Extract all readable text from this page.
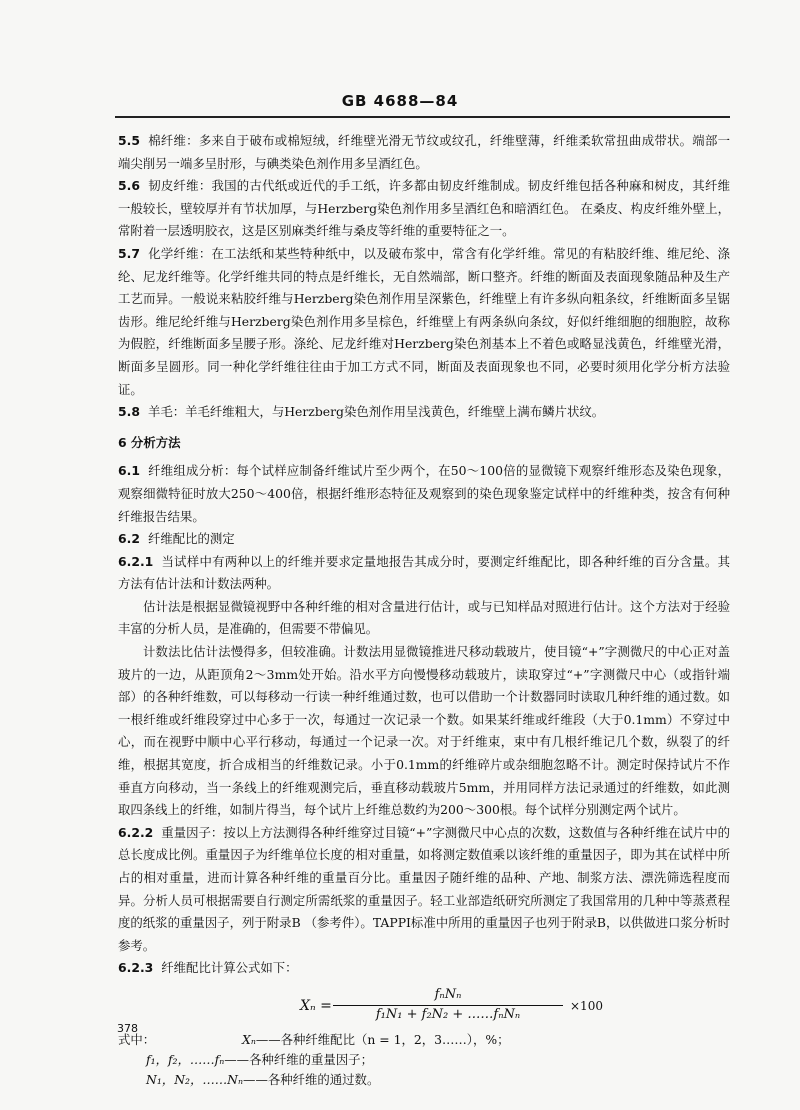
GB 4688—84

5.5 棉纤维：多来自于破布或棉短绒，纤维壁光滑无节纹或纹孔，纤维壁薄，纤维柔软常扭曲成带状。端部一端尖削另一端多呈肘形，与碘类染色剂作用多呈酒红色。

5.6 韧皮纤维：我国的古代纸或近代的手工纸，许多都由韧皮纤维制成。韧皮纤维包括各种麻和树皮，其纤维一般较长，壁较厚并有节状加厚，与Herzberg染色剂作用多呈酒红色和暗酒红色。 在桑皮、构皮纤维外壁上，常附着一层透明胶衣，这是区别麻类纤维与桑皮等纤维的重要特征之一。

5.7 化学纤维：在工法纸和某些特种纸中，以及破布浆中，常含有化学纤维。常见的有粘胶纤维、维尼纶、涤纶、尼龙纤维等。化学纤维共同的特点是纤维长，无自然端部，断口整齐。纤维的断面及表面现象随品种及生产工艺而异。一般说来粘胶纤维与Herzberg染色剂作用呈深紫色，纤维壁上有许多纵向粗条纹，纤维断面多呈锯齿形。维尼纶纤维与Herzberg染色剂作用多呈棕色，纤维壁上有两条纵向条纹，好似纤维细胞的细胞腔，故称为假腔，纤维断面多呈腰子形。涤纶、尼龙纤维对Herzberg染色剂基本上不着色或略显浅黄色，纤维壁光滑，断面多呈圆形。同一种化学纤维往往由于加工方式不同，断面及表面现象也不同，必要时须用化学分析方法验证。

5.8 羊毛：羊毛纤维粗大，与Herzberg染色剂作用呈浅黄色，纤维壁上满布鳞片状纹。

6 分析方法

6.1 纤维组成分析：每个试样应制备纤维试片至少两个，在50～100倍的显微镜下观察纤维形态及染色现象，观察细微特征时放大250～400倍，根据纤维形态特征及观察到的染色现象鉴定试样中的纤维种类，按含有何种纤维报告结果。

6.2 纤维配比的测定

6.2.1 当试样中有两种以上的纤维并要求定量地报告其成分时，要测定纤维配比，即各种纤维的百分含量。其方法有估计法和计数法两种。

估计法是根据显微镜视野中各种纤维的相对含量进行估计，或与已知样品对照进行估计。这个方法对于经验丰富的分析人员，是准确的，但需要不带偏见。

计数法比估计法慢得多，但较准确。计数法用显微镜推进尺移动载玻片，使目镜“+”字测微尺的中心正对盖玻片的一边，从距顶角2～3mm处开始。沿水平方向慢慢移动载玻片，读取穿过“+”字测微尺中心（或指针端部）的各种纤维数，可以每移动一行读一种纤维通过数，也可以借助一个计数器同时读取几种纤维的通过数。如一根纤维或纤维段穿过中心多于一次，每通过一次记录一个数。如果某纤维或纤维段（大于0.1mm）不穿过中心，而在视野中顺中心平行移动，每通过一个记录一次。对于纤维束，束中有几根纤维记几个数，纵裂了的纤维，根据其宽度，折合成相当的纤维数记录。小于0.1mm的纤维碎片或杂细胞忽略不计。测定时保持试片不作垂直方向移动，当一条线上的纤维观测完后，垂直移动载玻片5mm，并用同样方法记录通过的纤维数，如此测取四条线上的纤维，如制片得当，每个试片上纤维总数约为200～300根。每个试样分别测定两个试片。

6.2.2 重量因子：按以上方法测得各种纤维穿过目镜“+”字测微尺中心点的次数，这数值与各种纤维在试片中的总长度成比例。重量因子为纤维单位长度的相对重量，如将测定数值乘以该纤维的重量因子，即为其在试样中所占的相对重量，进而计算各种纤维的重量百分比。重量因子随纤维的品种、产地、制浆方法、漂洗筛选程度而异。分析人员可根据需要自行测定所需纸浆的重量因子。轻工业部造纸研究所测定了我国常用的几种中等蒸煮程度的纸浆的重量因子，列于附录B （参考件）。TAPPI标准中所用的重量因子也列于附录B，以供做进口浆分析时参考。

6.2.3 纤维配比计算公式如下：

Xₙ =
fₙNₙ
f₁N₁ + f₂N₂ + ……fₙNₙ
×100
式中：	Xₙ——各种纤维配比（n = 1，2，3……），%；
f₁，f₂，……fₙ——各种纤维的重量因子；
N₁，N₂，……Nₙ——各种纤维的通过数。
378
